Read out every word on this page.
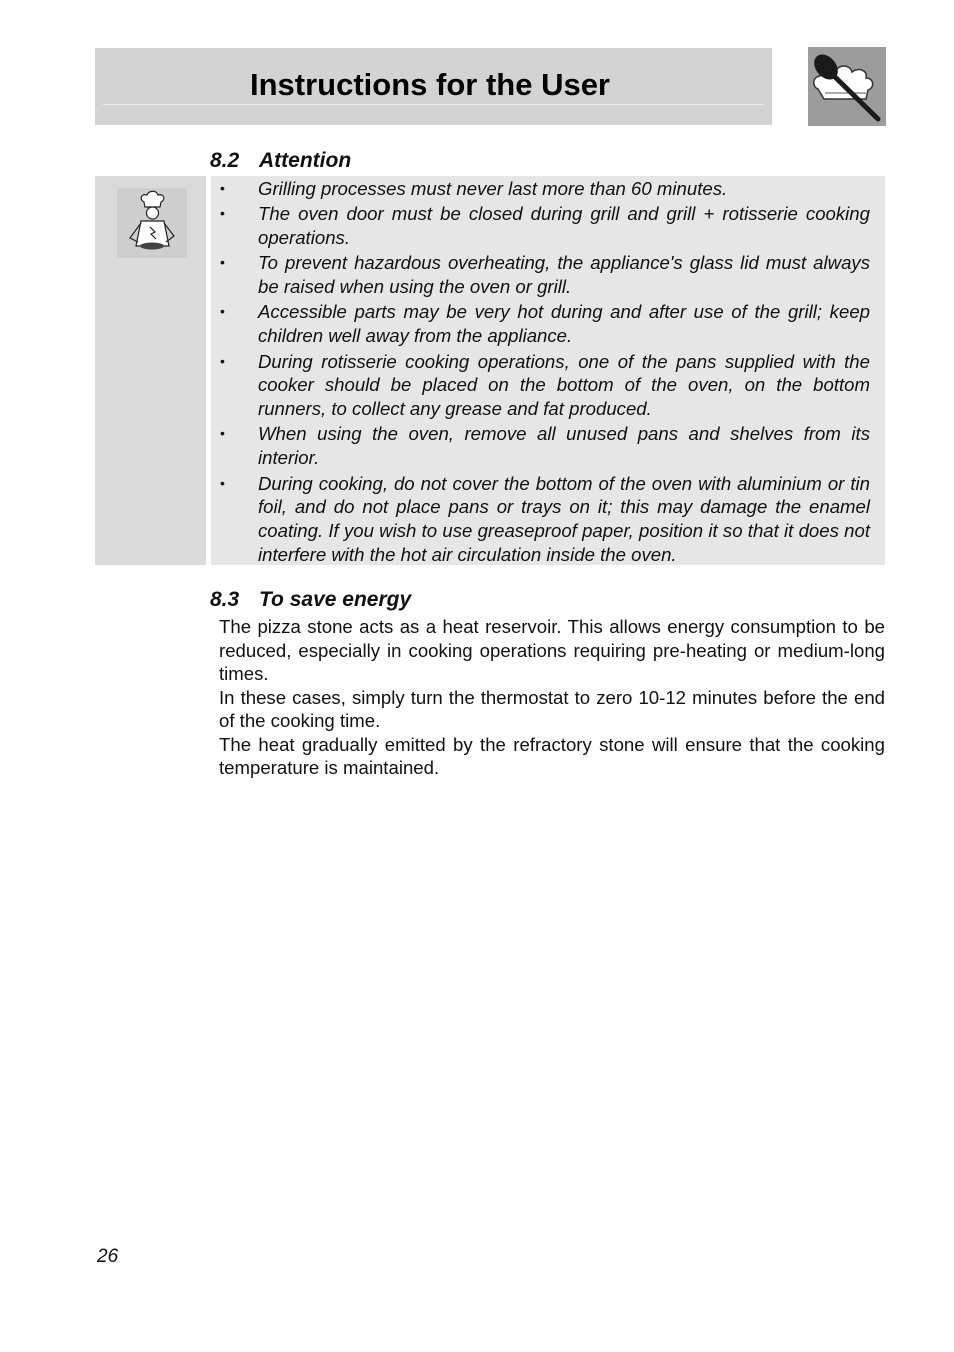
Instructions for the User
8.2 Attention
• Grilling processes must never last more than 60 minutes.
• The oven door must be closed during grill and grill + rotisserie cooking operations.
• To prevent hazardous overheating, the appliance's glass lid must always be raised when using the oven or grill.
• Accessible parts may be very hot during and after use of the grill; keep children well away from the appliance.
• During rotisserie cooking operations, one of the pans supplied with the cooker should be placed on the bottom of the oven, on the bottom runners, to collect any grease and fat produced.
• When using the oven, remove all unused pans and shelves from its interior.
• During cooking, do not cover the bottom of the oven with aluminium or tin foil, and do not place pans or trays on it; this may damage the enamel coating. If you wish to use greaseproof paper, position it so that it does not interfere with the hot air circulation inside the oven.
8.3 To save energy

The pizza stone acts as a heat reservoir. This allows energy consumption to be reduced, especially in cooking operations requiring pre-heating or medium-long times.

In these cases, simply turn the thermostat to zero 10-12 minutes before the end of the cooking time.

The heat gradually emitted by the refractory stone will ensure that the cooking temperature is maintained.

26
